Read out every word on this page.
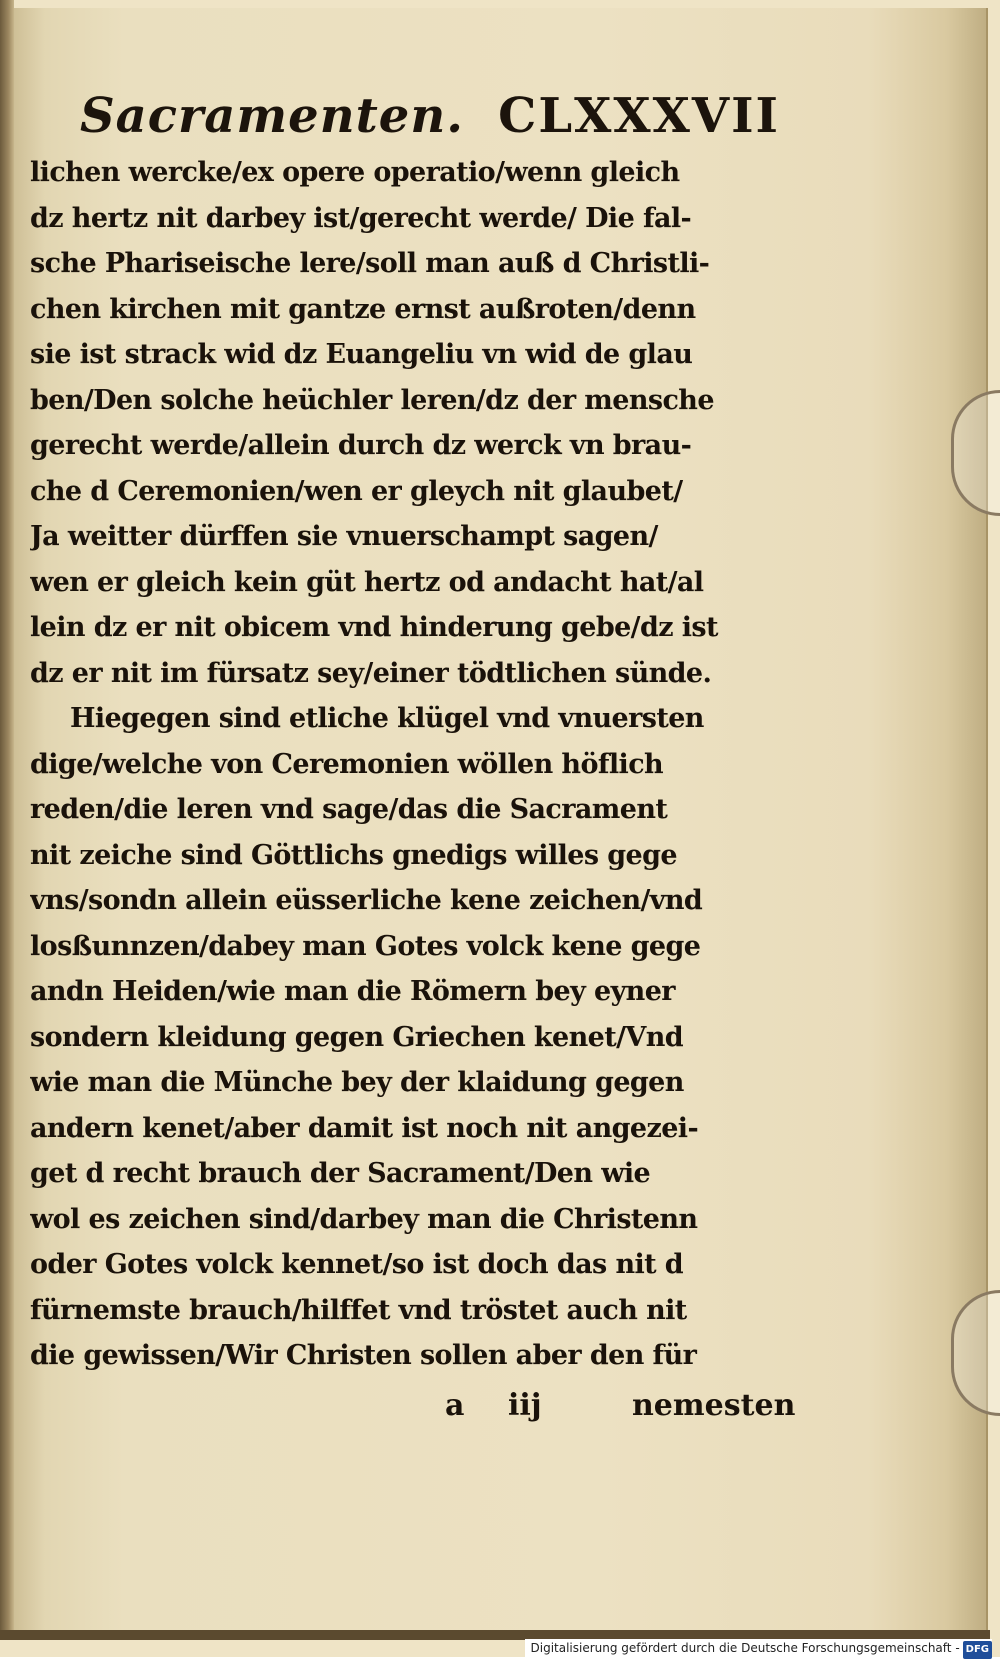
Sacramenten. CLXXXVII
lichen wercke/ex opere operatio/wenn gleich
dz hertz nit darbey ist/gerecht werde/ Die fal‑
sche Phariseische lere/soll man auß d Christli‑
chen kirchen mit gantze ernst außroten/denn
sie ist strack wid dz Euangeliu vn wid de glau
ben/Den solche heüchler leren/dz der mensche
gerecht werde/allein durch dz werck vn brau‑
che d Ceremonien/wen er gleych nit glaubet/
Ja weitter dürffen sie vnuerschampt sagen/
wen er gleich kein güt hertz od andacht hat/al
lein dz er nit obicem vnd hinderung gebe/dz ist
dz er nit im fürsatz sey/einer tödtlichen sünde.
Hiegegen sind etliche klügel vnd vnuersten
dige/welche von Ceremonien wöllen höflich
reden/die leren vnd sage/das die Sacrament
nit zeiche sind Göttlichs gnedigs willes gege
vns/sondn allein eüsserliche kene zeichen/vnd
losßunnzen/dabey man Gotes volck kene gege
andn Heiden/wie man die Römern bey eyner
sondern kleidung gegen Griechen kenet/Vnd
wie man die Münche bey der klaidung gegen
andern kenet/aber damit ist noch nit angezei‑
get d recht brauch der Sacrament/Den wie
wol es zeichen sind/darbey man die Christenn
oder Gotes volck kennet/so ist doch das nit d
fürnemste brauch/hilffet vnd tröstet auch nit
die gewissen/Wir Christen sollen aber den für
a iij	nemesten
Digitalisierung gefördert durch die Deutsche Forschungsgemeinschaft - DFG
